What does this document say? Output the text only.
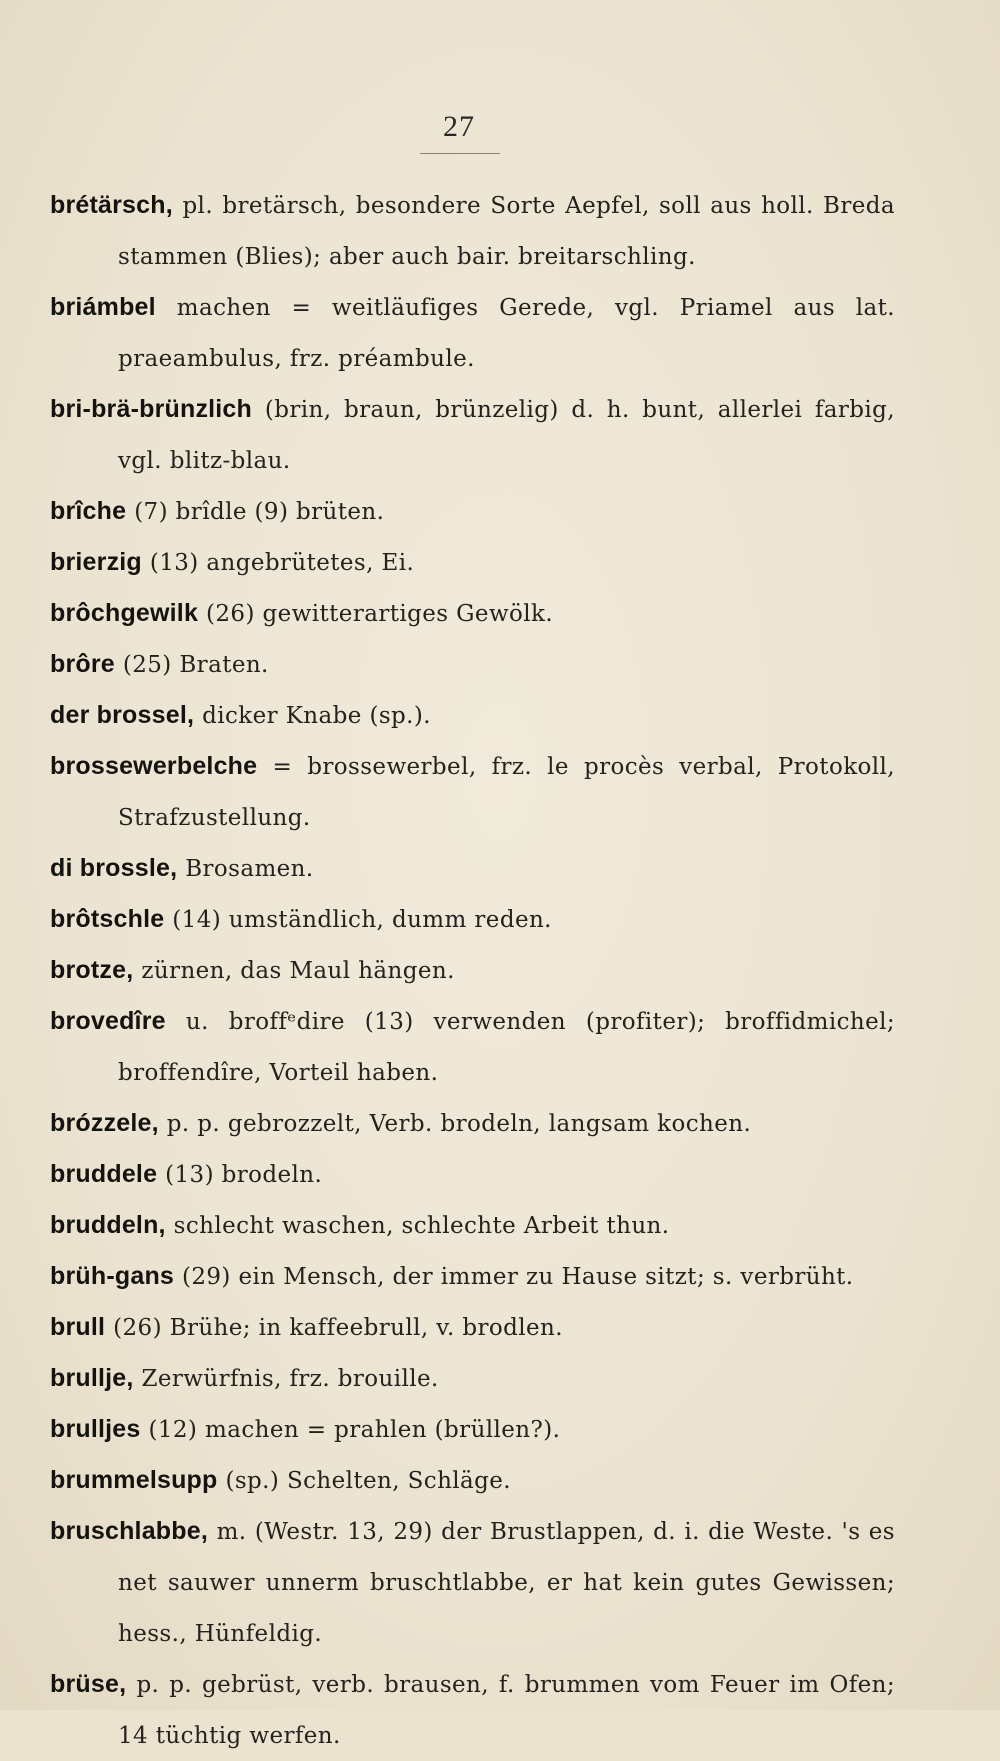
27

brétärsch, pl. bretärsch, besondere Sorte Aepfel, soll aus holl. Breda stammen (Blies); aber auch bair. breitarschling.

briámbel machen = weitläufiges Gerede, vgl. Priamel aus lat. praeambulus, frz. préambule.

bri-brä-brünzlich (brin, braun, brünzelig) d. h. bunt, allerlei farbig, vgl. blitz-blau.

brîche (7) brîdle (9) brüten.

brierzig (13) angebrütetes, Ei.

brôchgewilk (26) gewitterartiges Gewölk.

brôre (25) Braten.

der brossel, dicker Knabe (sp.).

brossewerbelche = brossewerbel, frz. le procès verbal, Protokoll, Strafzustellung.

di brossle, Brosamen.

brôtschle (14) umständlich, dumm reden.

brotze, zürnen, das Maul hängen.

brovedîre u. broffᵉdire (13) verwenden (profiter); broffidmichel; broffendîre, Vorteil haben.

brózzele, p. p. gebrozzelt, Verb. brodeln, langsam kochen.

bruddele (13) brodeln.

bruddeln, schlecht waschen, schlechte Arbeit thun.

brüh-gans (29) ein Mensch, der immer zu Hause sitzt; s. verbrüht.

brull (26) Brühe; in kaffeebrull, v. brodlen.

brullje, Zerwürfnis, frz. brouille.

brulljes (12) machen = prahlen (brüllen?).

brummelsupp (sp.) Schelten, Schläge.

bruschlabbe, m. (Westr. 13, 29) der Brustlappen, d. i. die Weste. 's es net sauwer unnerm bruschtlabbe, er hat kein gutes Gewissen; hess., Hünfeldig.

brüse, p. p. gebrüst, verb. brausen, f. brummen vom Feuer im Ofen; 14 tüchtig werfen.
